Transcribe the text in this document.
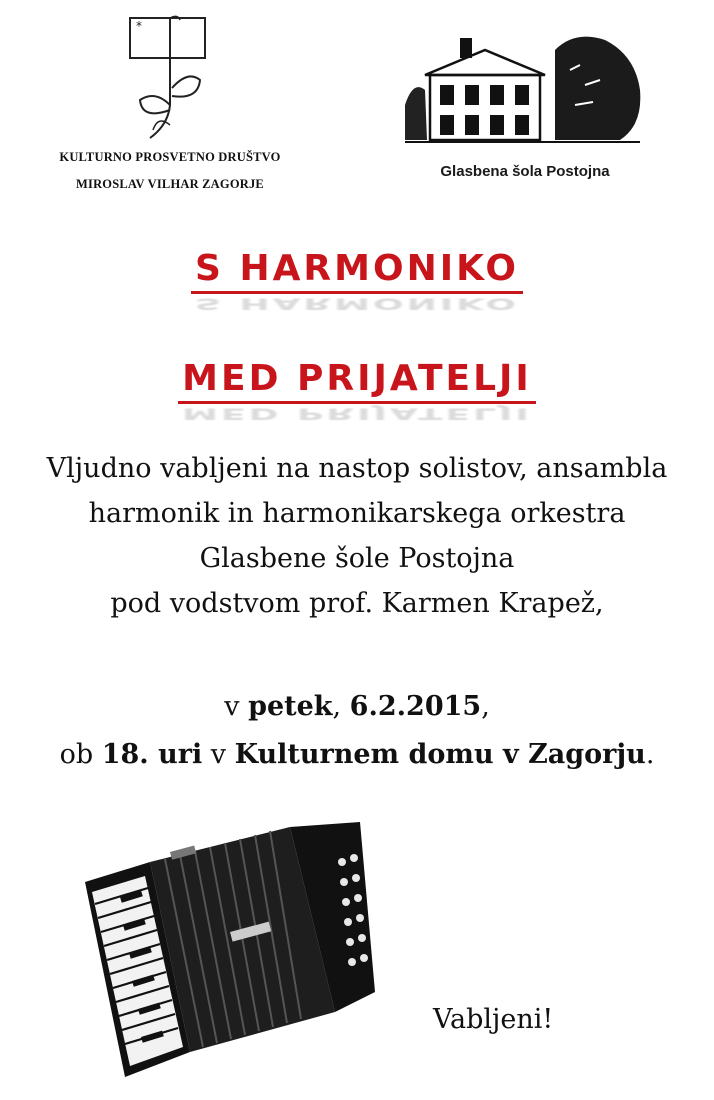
*
KULTURNO PROSVETNO DRUŠTVO
MIROSLAV VILHAR ZAGORJE
Glasbena šola Postojna
S HARMONIKO
S HARMONIKO
MED PRIJATELJI
MED PRIJATELJI
Vljudno vabljeni na nastop solistov, ansambla
harmonik in harmonikarskega orkestra
Glasbene šole Postojna
pod vodstvom prof. Karmen Krapež,
v petek, 6.2.2015,
ob 18. uri v Kulturnem domu v Zagorju.
Vabljeni!
